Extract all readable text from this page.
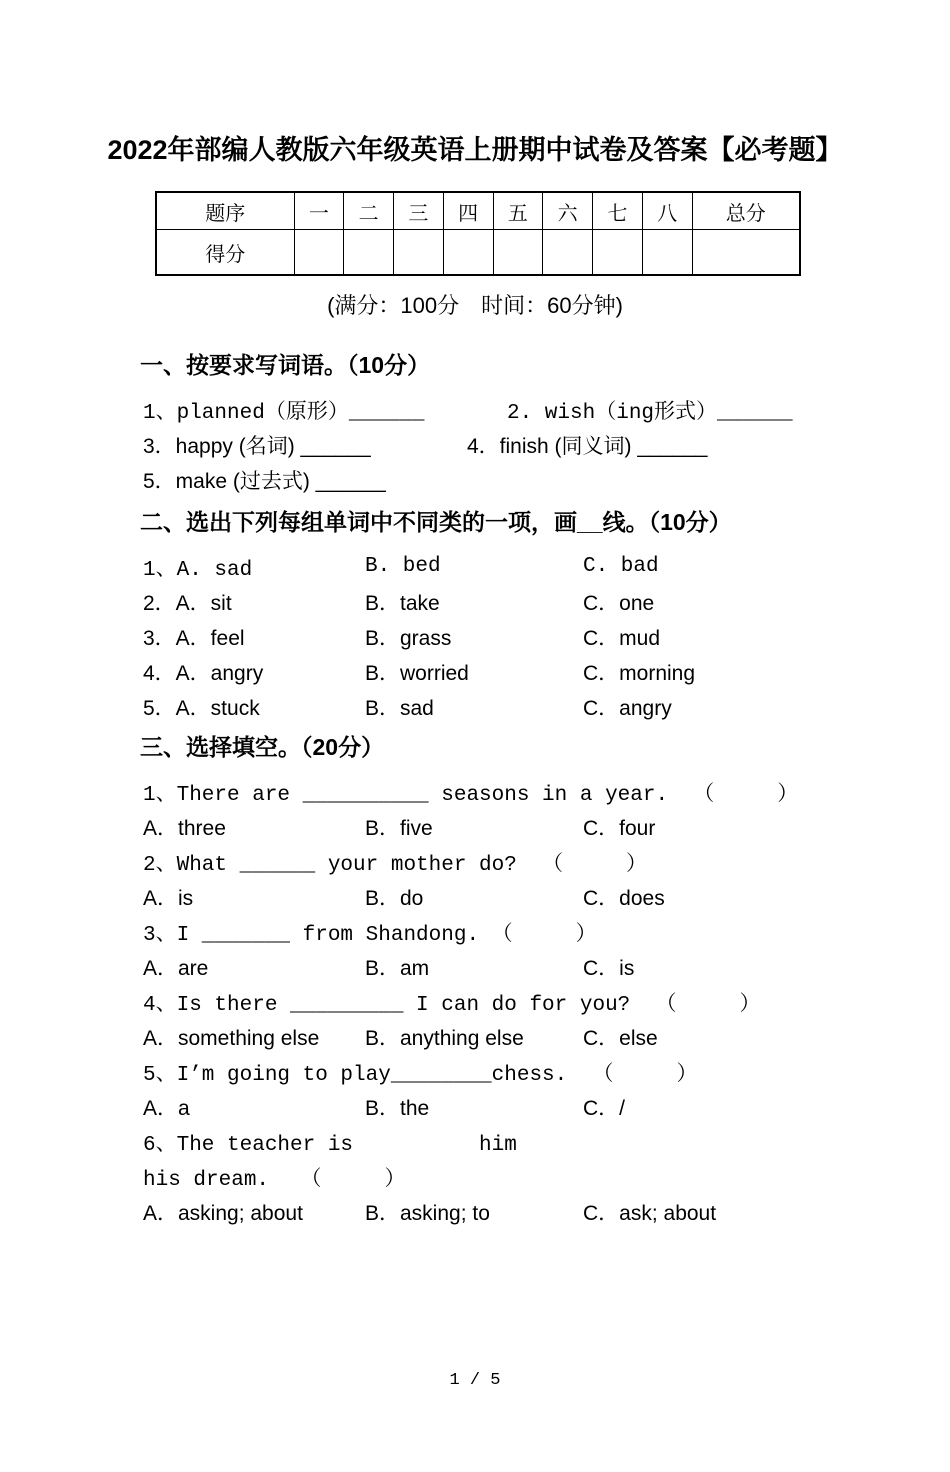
2022年部编人教版六年级英语上册期中试卷及答案【必考题】
题序	一	二	三	四	五	六	七	八	总分
得分									
(满分：100分　时间：60分钟)
一、按要求写词语。（10分）
1、planned（原形）______	2. wish（ing形式）______
3．happy (名词) ______	4．finish (同义词) ______
5．make (过去式) ______
二、选出下列每组单词中不同类的一项，画__线。（10分）
1、A. sad	B. bed	C. bad
2．A．sit	B．take	C．one
3．A．feel	B．grass	C．mud
4．A．angry	B．worried	C．morning
5．A．stuck	B．sad	C．angry
三、选择填空。（20分）
1、There are __________ seasons in a year.  （　　　）
A．three	B．five	C．four
2、What ______ your mother do?  （　　　）
A．is	B．do	C．does
3、I _______ from Shandong. （　　　）
A．are	B．am	C．is
4、Is there _________ I can do for you?  （　　　）
A．something else	B．anything else	C．else
5、I’m going to play________chess.  （　　　）
A．a	B．the	C．/
6、The teacher is          him
his dream.　　（　　　）
A．asking; about	B．asking; to	C．ask; about
1 / 5
